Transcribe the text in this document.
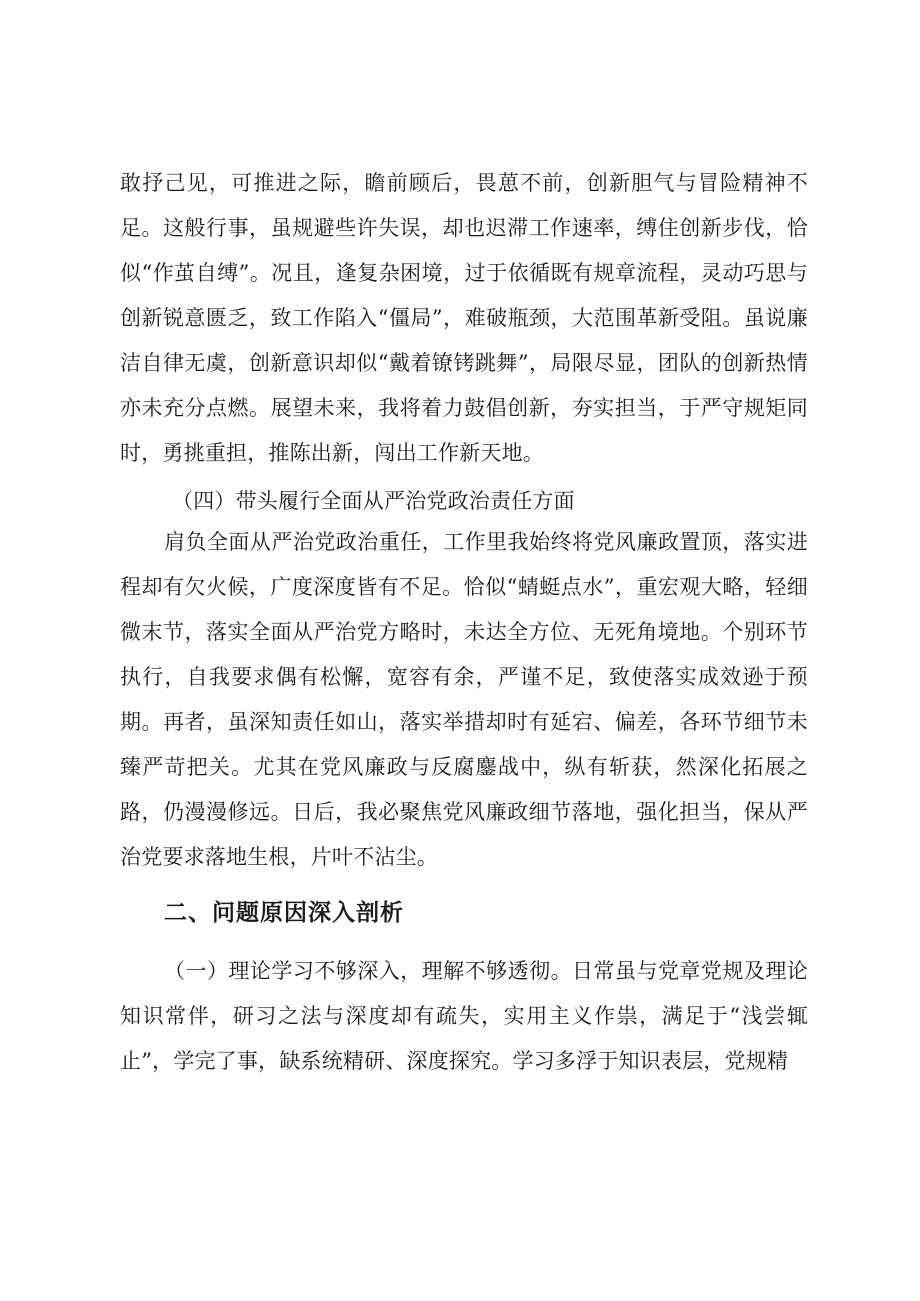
敢抒己见，可推进之际，瞻前顾后，畏葸不前，创新胆气与冒险精神不足。这般行事，虽规避些许失误，却也迟滞工作速率，缚住创新步伐，恰似“作茧自缚”。况且，逢复杂困境，过于依循既有规章流程，灵动巧思与创新锐意匮乏，致工作陷入“僵局”，难破瓶颈，大范围革新受阻。虽说廉洁自律无虞，创新意识却似“戴着镣铐跳舞”，局限尽显，团队的创新热情亦未充分点燃。展望未来，我将着力鼓倡创新，夯实担当，于严守规矩同时，勇挑重担，推陈出新，闯出工作新天地。

（四）带头履行全面从严治党政治责任方面

肩负全面从严治党政治重任，工作里我始终将党风廉政置顶，落实进程却有欠火候，广度深度皆有不足。恰似“蜻蜓点水”，重宏观大略，轻细微末节，落实全面从严治党方略时，未达全方位、无死角境地。个别环节执行，自我要求偶有松懈，宽容有余，严谨不足，致使落实成效逊于预期。再者，虽深知责任如山，落实举措却时有延宕、偏差，各环节细节未臻严苛把关。尤其在党风廉政与反腐鏖战中，纵有斩获，然深化拓展之路，仍漫漫修远。日后，我必聚焦党风廉政细节落地，强化担当，保从严治党要求落地生根，片叶不沾尘。

二、问题原因深入剖析

（一）理论学习不够深入，理解不够透彻。日常虽与党章党规及理论知识常伴，研习之法与深度却有疏失，实用主义作祟，满足于“浅尝辄止”，学完了事，缺系统精研、深度探究。学习多浮于知识表层，党规精
